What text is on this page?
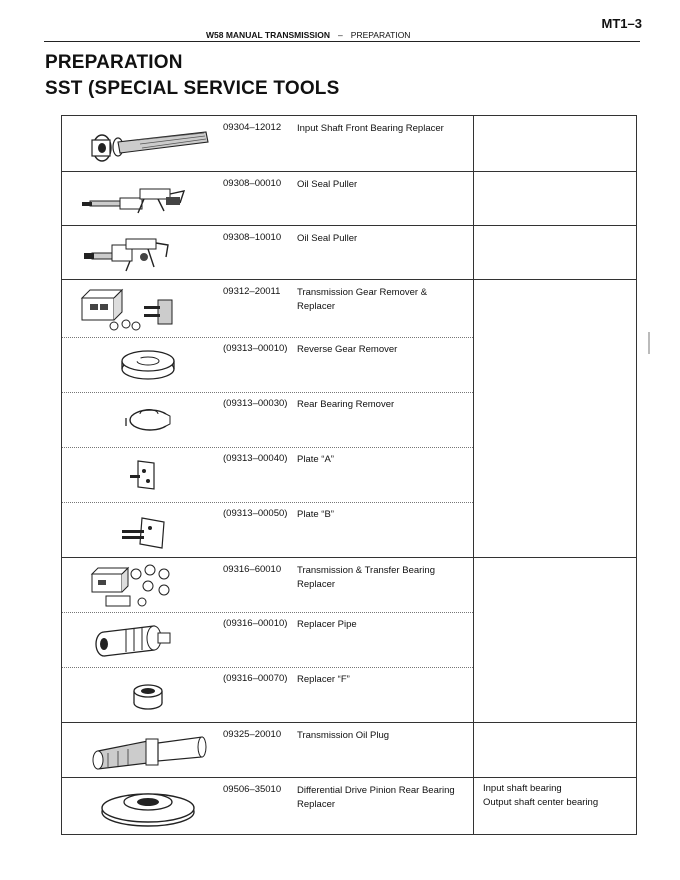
MT1–3
W58 MANUAL TRANSMISSION – PREPARATION
PREPARATION
SST (SPECIAL SERVICE TOOLS
09304–12012 Input Shaft Front Bearing Replacer
09308–00010 Oil Seal Puller
09308–10010 Oil Seal Puller
09312–20011 Transmission Gear Remover & Replacer
(09313–00010) Reverse Gear Remover
(09313–00030) Rear Bearing Remover
(09313–00040) Plate “A”
(09313–00050) Plate “B”
09316–60010 Transmission & Transfer Bearing Replacer
(09316–00010) Replacer Pipe
(09316–00070) Replacer “F”
09325–20010 Transmission Oil Plug
09506–35010 Differential Drive Pinion Rear Bearing Replacer
Input shaft bearing
Output shaft center bearing
